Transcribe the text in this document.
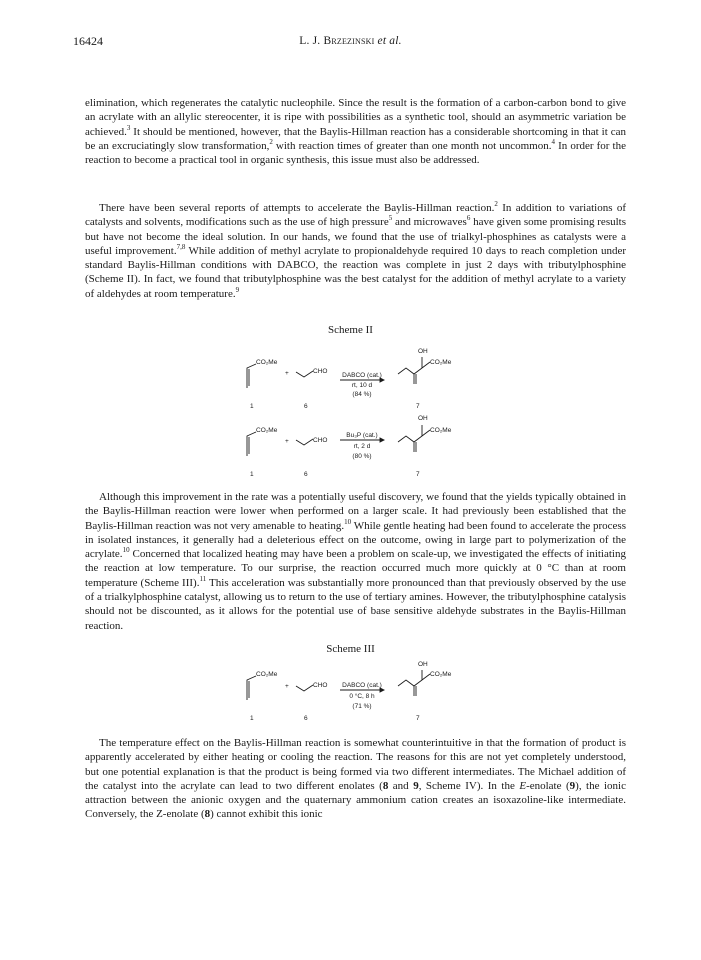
16424	L. J. Brzezinski et al.

elimination, which regenerates the catalytic nucleophile. Since the result is the formation of a carbon-carbon bond to give an acrylate with an allylic stereocenter, it is ripe with possibilities as a synthetic tool, should an asymmetric variation be achieved.$^3$ It should be mentioned, however, that the Baylis-Hillman reaction has a considerable shortcoming in that it can be an excruciatingly slow transformation,$^2$ with reaction times of greater than one month not uncommon.$^4$ In order for the reaction to become a practical tool in organic synthesis, this issue must also be addressed.

There have been several reports of attempts to accelerate the Baylis-Hillman reaction.$^2$ In addition to variations of catalysts and solvents, modifications such as the use of high pressure$^5$ and microwaves$^6$ have given some promising results but have not become the ideal solution. In our hands, we found that the use of trialkyl-phosphines as catalysts were a useful improvement.$^{7,8}$ While addition of methyl acrylate to propionaldehyde required 10 days to reach completion under standard Baylis-Hillman conditions with DABCO, the reaction was complete in just 2 days with tributylphosphine (Scheme II). In fact, we found that tributylphosphine was the best catalyst for the addition of methyl acrylate to a variety of aldehydes at room temperature.$^9$

Scheme II
CO₂Me
+	CHO
DABCO (cat.)
rt, 10 d
(84 %)
OH
CO₂Me
1	6	7
CO₂Me
+	CHO
Bu₃P (cat.)
rt, 2 d
(80 %)
OH
CO₂Me
1	6	7

Although this improvement in the rate was a potentially useful discovery, we found that the yields typically obtained in the Baylis-Hillman reaction were lower when performed on a larger scale. It had previously been established that the Baylis-Hillman reaction was not very amenable to heating.$^{10}$ While gentle heating had been found to accelerate the process in isolated instances, it generally had a deleterious effect on the outcome, owing in large part to polymerization of the acrylate.$^{10}$ Concerned that localized heating may have been a problem on scale-up, we investigated the effects of initiating the reaction at low temperature. To our surprise, the reaction occurred much more quickly at 0 °C than at room temperature (Scheme III).$^{11}$ This acceleration was substantially more pronounced than that previously observed by the use of a trialkylphosphine catalyst, allowing us to return to the use of tertiary amines. However, the tributylphosphine catalysis should not be discounted, as it allows for the potential use of base sensitive aldehyde substrates in the Baylis-Hillman reaction.

Scheme III
CO₂Me
+	CHO DABCO (cat.)
0 °C, 8 h
(71 %)
OH
CO₂Me
1	6	7

The temperature effect on the Baylis-Hillman reaction is somewhat counterintuitive in that the formation of product is apparently accelerated by either heating or cooling the reaction. The reasons for this are not yet completely understood, but one potential explanation is that the product is being formed via two different intermediates. The Michael addition of the catalyst into the acrylate can lead to two different enolates (8 and 9, Scheme IV). In the E-enolate (9), the ionic attraction between the anionic oxygen and the quaternary ammonium cation creates an isoxazoline-like intermediate. Conversely, the Z-enolate (8) cannot exhibit this ionic
